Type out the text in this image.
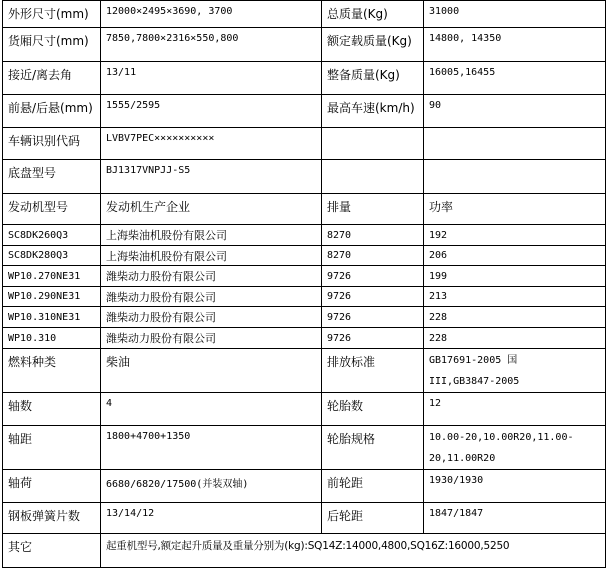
外形尺寸(mm)	12000×2495×3690, 3700	总质量(Kg)	31000
货厢尺寸(mm)	7850,7800×2316×550,800	额定载质量(Kg)	14800, 14350
接近/离去角	13/11	整备质量(Kg)	16005,16455
前悬/后悬(mm)	1555/2595	最高车速(km/h)	90
车辆识别代码	LVBV7PEC××××××××××		
底盘型号	BJ1317VNPJJ-S5		
发动机型号	发动机生产企业	排量	功率
SC8DK260Q3	上海柴油机股份有限公司	8270	192
SC8DK280Q3	上海柴油机股份有限公司	8270	206
WP10.270NE31	潍柴动力股份有限公司	9726	199
WP10.290NE31	潍柴动力股份有限公司	9726	213
WP10.310NE31	潍柴动力股份有限公司	9726	228
WP10.310	潍柴动力股份有限公司	9726	228
燃料种类	柴油	排放标准	GB17691-2005 国
III,GB3847-2005
轴数	4	轮胎数	12
轴距	1800+4700+1350	轮胎规格	10.00-20,10.00R20,11.00-20,11.00R20
轴荷	6680/6820/17500(并装双轴)	前轮距	1930/1930
钢板弹簧片数	13/14/12	后轮距	1847/1847
其它	起重机型号,额定起升质量及重量分别为(kg):SQ14Z:14000,4800,SQ16Z:16000,5250		
